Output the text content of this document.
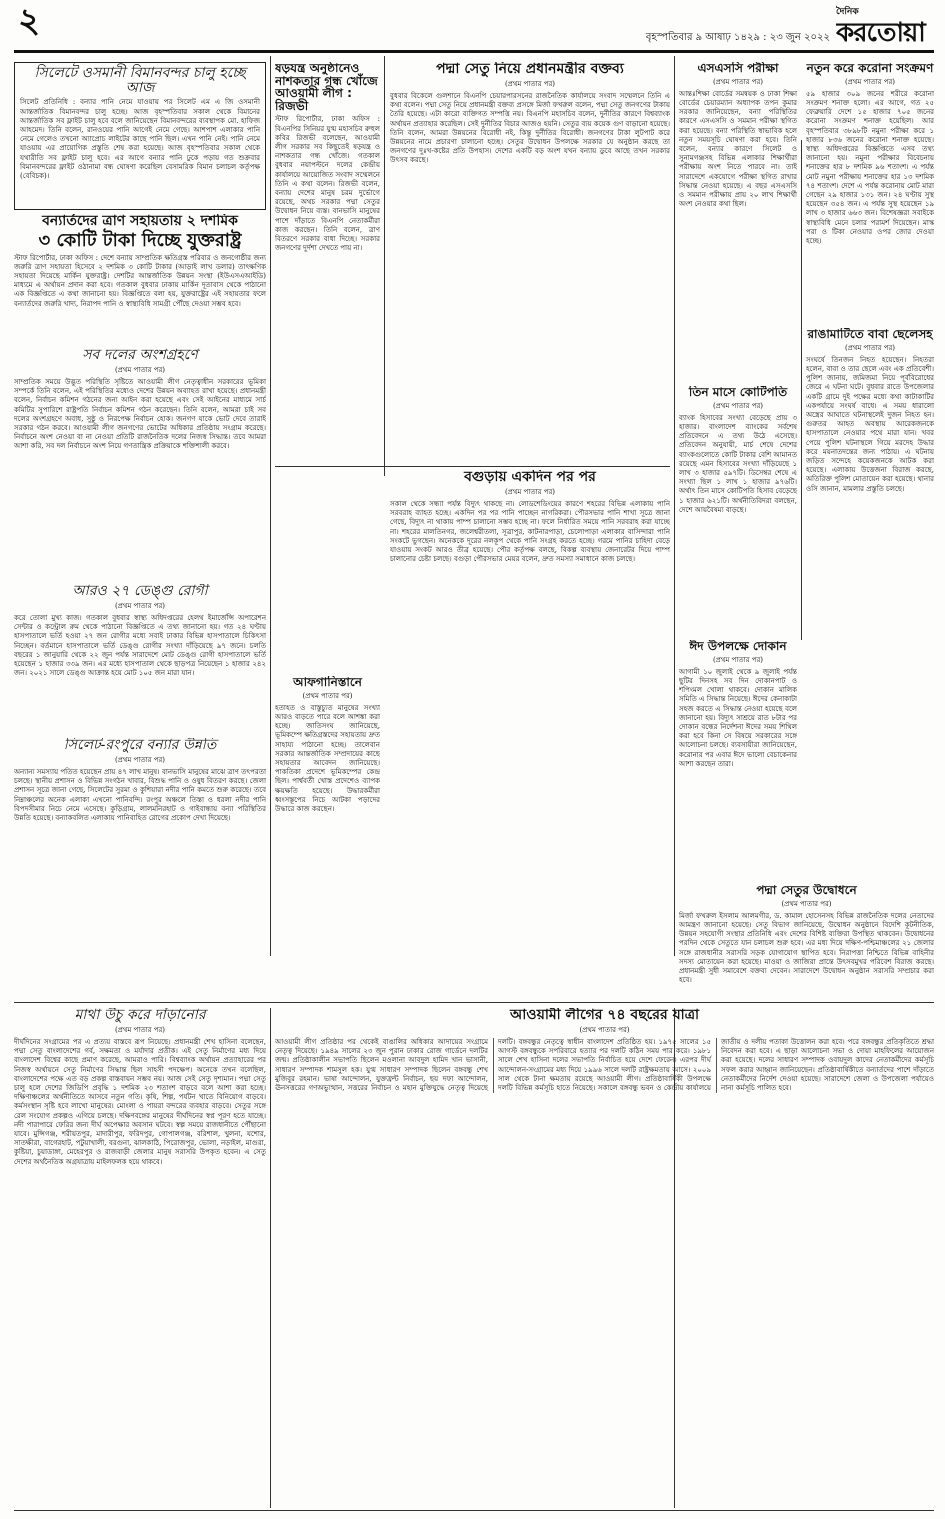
২	বৃহস্পতিবার ৯ আষাঢ় ১৪২৯ : ২৩ জুন ২০২২
দৈনিক
করতোয়া
সিলেটে ওসমানী বিমানবন্দর চালু হচ্ছে আজ
সিলেট প্রতিনিধি : বন্যার পানি নেমে যাওয়ায় পর সিলেট এম এ জি ওসমানী আন্তর্জাতিক বিমানবন্দর চালু হচ্ছে। আজ বৃহস্পতিবার সকাল থেকে বিমানের আন্তর্জাতিক সব ফ্লাইট চালু হবে বলে জানিয়েছেন বিমানবন্দরের ব্যবস্থাপক মো. হাফিজ আহমেদ। তিনি বলেন, রানওয়ের পানি আগেই নেমে গেছে। আশপাশ এলাকার পানি নেমে গেলেও তখনো অ্যাপ্রোচ লাইটের কাছে পানি ছিল। এখন পানি নেই। পানি নেমে যাওয়ায় এর প্রায়োগিক প্রস্তুতি শেষ করা হয়েছে। আজ বৃহস্পতিবার সকাল থেকে যথারীতি সব ফ্লাইট চালু হবে। এর আগে বন্যার পানি ঢুকে পড়ায় গত শুক্রবার বিমানবন্দরের ফ্লাইট ওঠানামা বন্ধ ঘোষণা করেছিল বেসামরিক বিমান চলাচল কর্তৃপক্ষ (বেবিচক)।
বন্যার্তদের ত্রাণ সহায়তায় ২ দশমিক
৩ কোটি টাকা দিচ্ছে যুক্তরাষ্ট্র
স্টাফ রিপোর্টার, ঢাকা অফিস : দেশে বন্যায় সাম্প্রতিক ক্ষতিগ্রস্ত পরিবার ও জনগোষ্ঠীর জন্য জরুরি ত্রাণ সহায়তা হিসেবে ২ দশমিক ৩ কোটি টাকার (আড়াই লাখ ডলার) তাৎক্ষণিক সহায়তা দিয়েছে মার্কিন যুক্তরাষ্ট্র। দেশটির আন্তর্জাতিক উন্নয়ন সংস্থা (ইউএসএআইডি) মাধ্যমে এ অর্থায়ন প্রদান করা হবে। গতকাল বুধবার ঢাকায় মার্কিন দূতাবাস থেকে পাঠানো এক বিজ্ঞপ্তিতে এ কথা জানানো হয়। বিজ্ঞপ্তিতে বলা হয়, যুক্তরাষ্ট্রের এই সহায়তার ফলে বন্যার্তদের জরুরি খাদ্য, নিরাপদ পানি ও স্বাস্থ্যবিধি সামগ্রী পৌঁছে দেওয়া সম্ভব হবে।
সব দলের অংশগ্রহণে
(প্রথম পাতার পর)
সাম্প্রতিক সময়ে উদ্ভূত পরিস্থিতি সৃষ্টিতে আওয়ামী লীগ নেতৃত্বাধীন সরকারের ভূমিকা সম্পর্কে তিনি বলেন, এই পরিস্থিতির মধ্যেও দেশের উন্নয়ন অব্যাহত রাখা হয়েছে। প্রধানমন্ত্রী বলেন, নির্বাচন কমিশন গঠনের জন্য আইন করা হয়েছে এবং সেই আইনের মাধ্যমে সার্চ কমিটির সুপারিশে রাষ্ট্রপতি নির্বাচন কমিশন গঠন করেছেন। তিনি বলেন, আমরা চাই সব দলের অংশগ্রহণে অবাধ, সুষ্ঠু ও নিরপেক্ষ নির্বাচন হোক। জনগণ যাকে ভোট দেবে তারাই সরকার গঠন করবে। আওয়ামী লীগ জনগণের ভোটের অধিকার প্রতিষ্ঠায় সংগ্রাম করেছে। নির্বাচনে অংশ নেওয়া বা না নেওয়া প্রতিটি রাজনৈতিক দলের নিজস্ব সিদ্ধান্ত। তবে আমরা আশা করি, সব দল নির্বাচনে অংশ নিয়ে গণতান্ত্রিক প্রক্রিয়াকে শক্তিশালী করবে।
আরও ২৭ ডেঙ্গু রোগী
(প্রথম পাতার পর)
করে তোলা মুখ্য কাজ। গতকাল বুধবার স্বাস্থ্য অধিদপ্তরের হেলথ ইমার্জেন্সি অপারেশন সেন্টার ও কন্ট্রোল রুম থেকে পাঠানো বিজ্ঞপ্তিতে এ তথ্য জানানো হয়। গত ২৪ ঘণ্টায় হাসপাতালে ভর্তি হওয়া ২৭ জন রোগীর মধ্যে সবাই ঢাকার বিভিন্ন হাসপাতালে চিকিৎসা নিচ্ছেন। বর্তমানে হাসপাতালে ভর্তি ডেঙ্গু রোগীর সংখ্যা দাঁড়িয়েছে ৯৭ জনে। চলতি বছরের ১ জানুয়ারি থেকে ২২ জুন পর্যন্ত সারাদেশে মোট ডেঙ্গু রোগী হাসপাতালে ভর্তি হয়েছেন ১ হাজার ৩৩৯ জন। এর মধ্যে হাসপাতাল থেকে ছাড়পত্র নিয়েছেন ১ হাজার ২৪২ জন। ২০২১ সালে ডেঙ্গু আক্রান্ত হয়ে মোট ১০৫ জন মারা যান।
সিলেট-রংপুরে বন্যার উন্নতি
(প্রথম পাতার পর)
অন্যান্য সমস্যায় পতিত হয়েছেন প্রায় ৪৭ লাখ মানুষ। বানভাসি মানুষের মাঝে ত্রাণ তৎপরতা চলছে। স্থানীয় প্রশাসন ও বিভিন্ন সংগঠন খাবার, বিশুদ্ধ পানি ও ওষুধ বিতরণ করছে। জেলা প্রশাসন সূত্রে জানা গেছে, সিলেটের সুরমা ও কুশিয়ারা নদীর পানি কমতে শুরু করেছে। তবে নিম্নাঞ্চলের অনেক এলাকা এখনো পানিবন্দি। রংপুর অঞ্চলে তিস্তা ও ধরলা নদীর পানি বিপদসীমার নিচে নেমে এসেছে। কুড়িগ্রাম, লালমনিরহাট ও গাইবান্ধায় বন্যা পরিস্থিতির উন্নতি হয়েছে। বন্যাকবলিত এলাকায় পানিবাহিত রোগের প্রকোপ দেখা দিয়েছে।
ষড়যন্ত্র অনুষ্ঠানেও নাশকতার গন্ধ খোঁজে আওয়ামী লীগ : রিজভী
স্টাফ রিপোর্টার, ঢাকা অফিস : বিএনপির সিনিয়র যুগ্ম মহাসচিব রুহুল কবির রিজভী বলেছেন, আওয়ামী লীগ সরকার সব কিছুতেই ষড়যন্ত্র ও নাশকতার গন্ধ খোঁজে। গতকাল বুধবার নয়াপল্টনে দলের কেন্দ্রীয় কার্যালয়ে আয়োজিত সংবাদ সম্মেলনে তিনি এ কথা বলেন। রিজভী বলেন, বন্যায় দেশের মানুষ চরম দুর্ভোগে রয়েছে, অথচ সরকার পদ্মা সেতুর উদ্বোধন নিয়ে ব্যস্ত। বানভাসি মানুষের পাশে দাঁড়াতে বিএনপি নেতাকর্মীরা কাজ করছেন। তিনি বলেন, ত্রাণ বিতরণে সরকার বাধা দিচ্ছে। সরকার জনগণের দুর্দশা দেখতে পায় না।
আফগানিস্তানে
(প্রথম পাতার পর)
হতাহত ও বাস্তুচ্যুত মানুষের সংখ্যা আরও বাড়তে পারে বলে আশঙ্কা করা হচ্ছে। জাতিসংঘ জানিয়েছে, ভূমিকম্পে ক্ষতিগ্রস্তদের সহায়তায় দ্রুত সাহায্য পাঠানো হচ্ছে। তালেবান সরকার আন্তর্জাতিক সম্প্রদায়ের কাছে সহায়তার আবেদন জানিয়েছে। পাকতিকা প্রদেশে ভূমিকম্পের কেন্দ্র ছিল। পার্শ্ববর্তী খোস্ত প্রদেশেও ব্যাপক ক্ষয়ক্ষতি হয়েছে। উদ্ধারকর্মীরা ধ্বংসস্তূপের নিচে আটকা পড়াদের উদ্ধারে কাজ করছেন।
পদ্মা সেতু নিয়ে প্রধানমন্ত্রীর বক্তব্য
(প্রথম পাতার পর)
বুধবার বিকেলে গুলশানে বিএনপি চেয়ারপারসনের রাজনৈতিক কার্যালয়ে সংবাদ সম্মেলনে তিনি এ কথা বলেন। পদ্মা সেতু নিয়ে প্রধানমন্ত্রী বক্তব্য প্রসঙ্গে মির্জা ফখরুল বলেন, পদ্মা সেতু জনগণের টাকায় তৈরি হয়েছে। এটা কারো ব্যক্তিগত সম্পত্তি নয়। বিএনপি মহাসচিব বলেন, দুর্নীতির কারণে বিশ্বব্যাংক অর্থায়ন প্রত্যাহার করেছিল। সেই দুর্নীতির বিচার আজও হয়নি। সেতুর ব্যয় কয়েক গুণ বাড়ানো হয়েছে। তিনি বলেন, আমরা উন্নয়নের বিরোধী নই, কিন্তু দুর্নীতির বিরোধী। জনগণের টাকা লুটপাট করে উন্নয়নের নামে প্রচারণা চালানো হচ্ছে। সেতুর উদ্বোধন উপলক্ষে সরকার যে অনুষ্ঠান করছে তা জনগণের দুঃখ-কষ্টের প্রতি উপহাস। দেশের একটি বড় অংশ যখন বন্যায় ডুবে আছে তখন সরকার উৎসব করছে।
বগুড়ায় একদিন পর পর
(প্রথম পাতার পর)
সকাল থেকে সন্ধ্যা পর্যন্ত বিদ্যুৎ থাকছে না। লোডশেডিংয়ের কারণে শহরের বিভিন্ন এলাকায় পানি সরবরাহ ব্যাহত হচ্ছে। একদিন পর পর পানি পাচ্ছেন নাগরিকরা। পৌরসভার পানি শাখা সূত্রে জানা গেছে, বিদ্যুৎ না থাকায় পাম্প চালানো সম্ভব হচ্ছে না। ফলে নির্ধারিত সময়ে পানি সরবরাহ করা যাচ্ছে না। শহরের মালতিনগর, জলেশ্বরীতলা, সূত্রাপুর, কাটনারপাড়া, চেলোপাড়া এলাকার বাসিন্দারা পানি সংকটে ভুগছেন। অনেককে দূরের নলকূপ থেকে পানি সংগ্রহ করতে হচ্ছে। গরমে পানির চাহিদা বেড়ে যাওয়ায় সংকট আরও তীব্র হয়েছে। পৌর কর্তৃপক্ষ বলছে, বিকল্প ব্যবস্থায় জেনারেটর দিয়ে পাম্প চালানোর চেষ্টা চলছে। বগুড়া পৌরসভার মেয়র বলেন, দ্রুত সমস্যা সমাধানে কাজ চলছে।
এসএসসি পরীক্ষা
(প্রথম পাতার পর)
আন্তঃশিক্ষা বোর্ডের সমন্বয়ক ও ঢাকা শিক্ষা বোর্ডের চেয়ারম্যান অধ্যাপক তপন কুমার সরকার জানিয়েছেন, বন্যা পরিস্থিতির কারণে এসএসসি ও সমমান পরীক্ষা স্থগিত করা হয়েছে। বন্যা পরিস্থিতি স্বাভাবিক হলে নতুন সময়সূচি ঘোষণা করা হবে। তিনি বলেন, বন্যার কারণে সিলেট ও সুনামগঞ্জসহ বিভিন্ন এলাকার শিক্ষার্থীরা পরীক্ষায় অংশ নিতে পারবে না। তাই সারাদেশে একযোগে পরীক্ষা স্থগিত রাখার সিদ্ধান্ত নেওয়া হয়েছে। এ বছর এসএসসি ও সমমান পরীক্ষায় প্রায় ২০ লাখ শিক্ষার্থী অংশ নেওয়ার কথা ছিল।
তিন মাসে কোটিপতি
(প্রথম পাতার পর)
ব্যাংক হিসাবের সংখ্যা বেড়েছে প্রায় ৩ হাজার। বাংলাদেশ ব্যাংকের সর্বশেষ প্রতিবেদনে এ তথ্য উঠে এসেছে। প্রতিবেদন অনুযায়ী, মার্চ শেষে দেশের ব্যাংকগুলোতে কোটি টাকার বেশি আমানত রয়েছে এমন হিসাবের সংখ্যা দাঁড়িয়েছে ১ লাখ ৩ হাজার ৫৯৭টি। ডিসেম্বর শেষে এ সংখ্যা ছিল ১ লাখ ১ হাজার ৯৭৬টি। অর্থাৎ তিন মাসে কোটিপতি হিসাব বেড়েছে ১ হাজার ৬২১টি। অর্থনীতিবিদরা বলছেন, দেশে আয়বৈষম্য বাড়ছে।
ঈদ উপলক্ষে দোকান
(প্রথম পাতার পর)
আগামী ১০ জুলাই থেকে ৯ জুলাই পর্যন্ত ছুটির দিনসহ সব দিন দোকানপাট ও শপিংমল খোলা থাকবে। দোকান মালিক সমিতি এ সিদ্ধান্ত নিয়েছে। ঈদের কেনাকাটা সহজ করতে এ সিদ্ধান্ত নেওয়া হয়েছে বলে জানানো হয়। বিদ্যুৎ সাশ্রয়ে রাত ৮টার পর দোকান বন্ধের নির্দেশনা ঈদের সময় শিথিল করা হবে কিনা সে বিষয়ে সরকারের সঙ্গে আলোচনা চলছে। ব্যবসায়ীরা জানিয়েছেন, করোনার পর এবার ঈদে ভালো বেচাকেনার আশা করছেন তারা।
নতুন করে করোনা সংক্রমণ
(প্রথম পাতার পর)
৫৯ হাজার ৩০৯ জনের শরীরে করোনা সংক্রমণ শনাক্ত হলো। এর আগে, গত ২৫ ফেব্রুয়ারি দেশে ১৫ হাজার ৭০৫ জনের করোনা সংক্রমণ শনাক্ত হয়েছিল। আর বৃহস্পতিবার ৩৮৯৮টি নমুনা পরীক্ষা করে ১ হাজার ৮৩৬ জনের করোনা শনাক্ত হয়েছে। স্বাস্থ্য অধিদপ্তরের বিজ্ঞপ্তিতে এসব তথ্য জানানো হয়। নমুনা পরীক্ষার বিবেচনায় শনাক্তের হার ৮ দশমিক ৯৬ শতাংশ। এ পর্যন্ত মোট নমুনা পরীক্ষায় শনাক্তের হার ১৩ দশমিক ৭৪ শতাংশ। দেশে এ পর্যন্ত করোনায় মোট মারা গেছেন ২৯ হাজার ১৩১ জন। ২৪ ঘণ্টায় সুস্থ হয়েছেন ৩৫৪ জন। এ পর্যন্ত সুস্থ হয়েছেন ১৯ লাখ ৩ হাজার ৬৬৩ জন। বিশেষজ্ঞরা সবাইকে স্বাস্থ্যবিধি মেনে চলার পরামর্শ দিয়েছেন। মাস্ক পরা ও টিকা নেওয়ার ওপর জোর দেওয়া হচ্ছে।
রাঙামাটিতে বাবা ছেলেসহ
(প্রথম পাতার পর)
সংঘর্ষে তিনজন নিহত হয়েছেন। নিহতরা হলেন, বাবা ও তার ছেলে এবং এক প্রতিবেশী। পুলিশ জানায়, জমিজমা নিয়ে পূর্ববিরোধের জেরে এ ঘটনা ঘটে। বুধবার রাতে উপজেলার একটি গ্রামে দুই পক্ষের মধ্যে কথা কাটাকাটির একপর্যায়ে সংঘর্ষ বাধে। এ সময় ধারালো অস্ত্রের আঘাতে ঘটনাস্থলেই দুজন নিহত হন। গুরুতর আহত অবস্থায় আরেকজনকে হাসপাতালে নেওয়ার পথে মারা যান। খবর পেয়ে পুলিশ ঘটনাস্থলে গিয়ে মরদেহ উদ্ধার করে ময়নাতদন্তের জন্য পাঠায়। এ ঘটনায় জড়িত সন্দেহে কয়েকজনকে আটক করা হয়েছে। এলাকায় উত্তেজনা বিরাজ করছে, অতিরিক্ত পুলিশ মোতায়েন করা হয়েছে। থানার ওসি জানান, মামলার প্রস্তুতি চলছে।
পদ্মা সেতুর উদ্বোধনে
(প্রথম পাতার পর)
মির্জা ফখরুল ইসলাম আলমগীর, ড. কামাল হোসেনসহ বিভিন্ন রাজনৈতিক দলের নেতাদের আমন্ত্রণ জানানো হয়েছে। সেতু বিভাগ জানিয়েছে, উদ্বোধন অনুষ্ঠানে বিদেশি কূটনীতিক, উন্নয়ন সহযোগী সংস্থার প্রতিনিধি এবং দেশের বিশিষ্ট ব্যক্তিরা উপস্থিত থাকবেন। উদ্বোধনের পরদিন থেকে সেতুতে যান চলাচল শুরু হবে। এর মধ্য দিয়ে দক্ষিণ-পশ্চিমাঞ্চলের ২১ জেলার সঙ্গে রাজধানীর সরাসরি সড়ক যোগাযোগ স্থাপিত হবে। নিরাপত্তা নিশ্চিতে বিভিন্ন বাহিনীর সদস্য মোতায়েন করা হয়েছে। মাওয়া ও জাজিরা প্রান্তে উৎসবমুখর পরিবেশ বিরাজ করছে। প্রধানমন্ত্রী সুধী সমাবেশে বক্তব্য দেবেন। সারাদেশে উদ্বোধন অনুষ্ঠান সরাসরি সম্প্রচার করা হবে।
মাথা উঁচু করে দাঁড়ানোর
(প্রথম পাতার পর)
দীর্ঘদিনের সংগ্রামের পর এ প্রত্যয় বাস্তবে রূপ নিয়েছে। প্রধানমন্ত্রী শেখ হাসিনা বলেছেন, পদ্মা সেতু বাংলাদেশের গর্ব, সক্ষমতা ও মর্যাদার প্রতীক। এই সেতু নির্মাণের মধ্য দিয়ে বাংলাদেশ বিশ্বের কাছে প্রমাণ করেছে, আমরাও পারি। বিশ্বব্যাংক অর্থায়ন প্রত্যাহারের পর নিজস্ব অর্থায়নে সেতু নির্মাণের সিদ্ধান্ত ছিল সাহসী পদক্ষেপ। অনেকে তখন বলেছিল, বাংলাদেশের পক্ষে এত বড় প্রকল্প বাস্তবায়ন সম্ভব নয়। আজ সেই সেতু দৃশ্যমান। পদ্মা সেতু চালু হলে দেশের জিডিপি প্রবৃদ্ধি ১ দশমিক ২৩ শতাংশ বাড়বে বলে আশা করা হচ্ছে। দক্ষিণাঞ্চলের অর্থনীতিতে আসবে নতুন গতি। কৃষি, শিল্প, পর্যটন খাতে বিনিয়োগ বাড়বে। কর্মসংস্থান সৃষ্টি হবে লাখো মানুষের। মোংলা ও পায়রা বন্দরের ব্যবহার বাড়বে। সেতুর সঙ্গে রেল সংযোগ প্রকল্পও এগিয়ে চলছে। দক্ষিণবঙ্গের মানুষের দীর্ঘদিনের স্বপ্ন পূরণ হতে যাচ্ছে। নদী পারাপারে ফেরির জন্য দীর্ঘ অপেক্ষার অবসান ঘটবে। স্বল্প সময়ে রাজধানীতে পৌঁছানো যাবে। মুন্সিগঞ্জ, শরীয়তপুর, মাদারীপুর, ফরিদপুর, গোপালগঞ্জ, বরিশাল, খুলনা, যশোর, সাতক্ষীরা, বাগেরহাট, পটুয়াখালী, বরগুনা, ঝালকাঠি, পিরোজপুর, ভোলা, নড়াইল, মাগুরা, কুষ্টিয়া, চুয়াডাঙ্গা, মেহেরপুর ও রাজবাড়ী জেলার মানুষ সরাসরি উপকৃত হবেন। এ সেতু দেশের অর্থনৈতিক অগ্রযাত্রায় মাইলফলক হয়ে থাকবে।
আওয়ামী লীগের ৭৪ বছরের যাত্রা
(প্রথম পাতার পর)
আওয়ামী লীগ প্রতিষ্ঠার পর থেকেই বাঙালির অধিকার আদায়ের সংগ্রামে নেতৃত্ব দিয়েছে। ১৯৪৯ সালের ২৩ জুন পুরান ঢাকার রোজ গার্ডেনে দলটির জন্ম। প্রতিষ্ঠাকালীন সভাপতি ছিলেন মওলানা আবদুল হামিদ খান ভাসানী, সাধারণ সম্পাদক শামসুল হক। যুগ্ম সাধারণ সম্পাদক ছিলেন বঙ্গবন্ধু শেখ মুজিবুর রহমান। ভাষা আন্দোলন, যুক্তফ্রন্ট নির্বাচন, ছয় দফা আন্দোলন, ঊনসত্তরের গণঅভ্যুত্থান, সত্তরের নির্বাচন ও মহান মুক্তিযুদ্ধে নেতৃত্ব দিয়েছে দলটি। বঙ্গবন্ধুর নেতৃত্বে স্বাধীন বাংলাদেশ প্রতিষ্ঠিত হয়। ১৯৭৫ সালের ১৫ আগস্ট বঙ্গবন্ধুকে সপরিবারে হত্যার পর দলটি কঠিন সময় পার করে। ১৯৮১ সালে শেখ হাসিনা দলের সভাপতি নির্বাচিত হয়ে দেশে ফেরেন। এরপর দীর্ঘ আন্দোলন-সংগ্রামের মধ্য দিয়ে ১৯৯৬ সালে দলটি রাষ্ট্রক্ষমতায় আসে। ২০০৯ সাল থেকে টানা ক্ষমতায় রয়েছে আওয়ামী লীগ। প্রতিষ্ঠাবার্ষিকী উপলক্ষে দলটি বিভিন্ন কর্মসূচি হাতে নিয়েছে। সকালে বঙ্গবন্ধু ভবন ও কেন্দ্রীয় কার্যালয়ে জাতীয় ও দলীয় পতাকা উত্তোলন করা হবে। পরে বঙ্গবন্ধুর প্রতিকৃতিতে শ্রদ্ধা নিবেদন করা হবে। এ ছাড়া আলোচনা সভা ও দোয়া মাহফিলের আয়োজন করা হয়েছে। দলের সাধারণ সম্পাদক ওবায়দুল কাদের নেতাকর্মীদের কর্মসূচি সফল করার আহ্বান জানিয়েছেন। প্রতিষ্ঠাবার্ষিকীতে বন্যার্তদের পাশে দাঁড়াতে নেতাকর্মীদের নির্দেশ দেওয়া হয়েছে। সারাদেশে জেলা ও উপজেলা পর্যায়েও নানা কর্মসূচি পালিত হবে।
